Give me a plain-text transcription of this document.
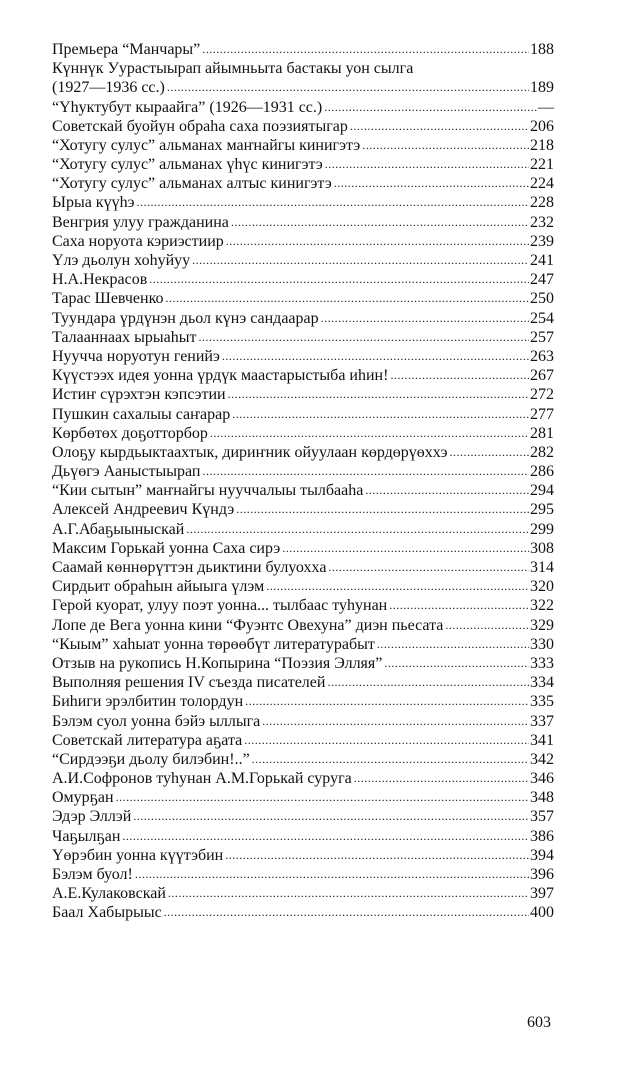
Премьера “Манчары” .....	188
Күннүк Уурастыырап айымньыта бастакы уон сылга
(1927—1936 сс.) .....	189
“Үһуктубут кыраайга” (1926—1931 сс.) .....	—
Советскай буойун обраһа саха поэзиятыгар .....	206
“Хотугу сулус” альманах маҥнайгы кинигэтэ .....	218
“Хотугу сулус” альманах үһүс кинигэтэ .....	221
“Хотугу сулус” альманах алтыс кинигэтэ .....	224
Ырыа күүһэ .....	228
Венгрия улуу гражданина .....	232
Саха норуота кэриэстиир .....	239
Үлэ дьолун хоһуйуу .....	241
Н.А.Некрасов .....	247
Тарас Шевченко .....	250
Туундара үрдүнэн дьол күнэ сандаарар .....	254
Талааннаах ырыаһыт .....	257
Нуучча норуотун генийэ .....	263
Күүстээх идея уонна үрдүк маастарыстыба иһин! .....	267
Истиҥ сүрэхтэн кэпсэтии .....	272
Пушкин сахалыы саҥарар .....	277
Көрбөтөх доҕотторбор .....	281
Олоҕу кырдьыктаахтык, дириҥник ойуулаан көрдөрүөххэ .....	282
Дьүөгэ Ааныстыырап .....	286
“Кии сытын” маҥнайгы нууччалыы тылбааһа .....	294
Алексей Андреевич Күндэ .....	295
А.Г.Абаҕыыныскай .....	299
Максим Горькай уонна Саха сирэ .....	308
Саамай көннөрүттэн дьиктини булуохха .....	314
Сирдьит обраһын айыыга үлэм .....	320
Герой куорат, улуу поэт уонна... тылбаас туһунан .....	322
Лопе де Вега уонна кини “Фуэнтс Овехуна” диэн пьесата .....	329
“Кыым” хаһыат уонна төрөөбүт литературабыт .....	330
Отзыв на рукопись Н.Копырина “Поэзия Элляя” .....	333
Выполняя решения IV съезда писателей .....	334
Биһиги эрэлбитин толордун .....	335
Бэлэм суол уонна бэйэ ыллыга .....	337
Советскай литература аҕата .....	341
“Сирдээҕи дьолу билэбин!..” .....	342
А.И.Софронов туһунан А.М.Горькай суруга .....	346
Омурҕан .....	348
Эдэр Эллэй .....	357
Чаҕылҕан .....	386
Үөрэбин уонна күүтэбин .....	394
Бэлэм буол! .....	396
А.Е.Кулаковскай .....	397
Баал Хабырыыс .....	400
603
